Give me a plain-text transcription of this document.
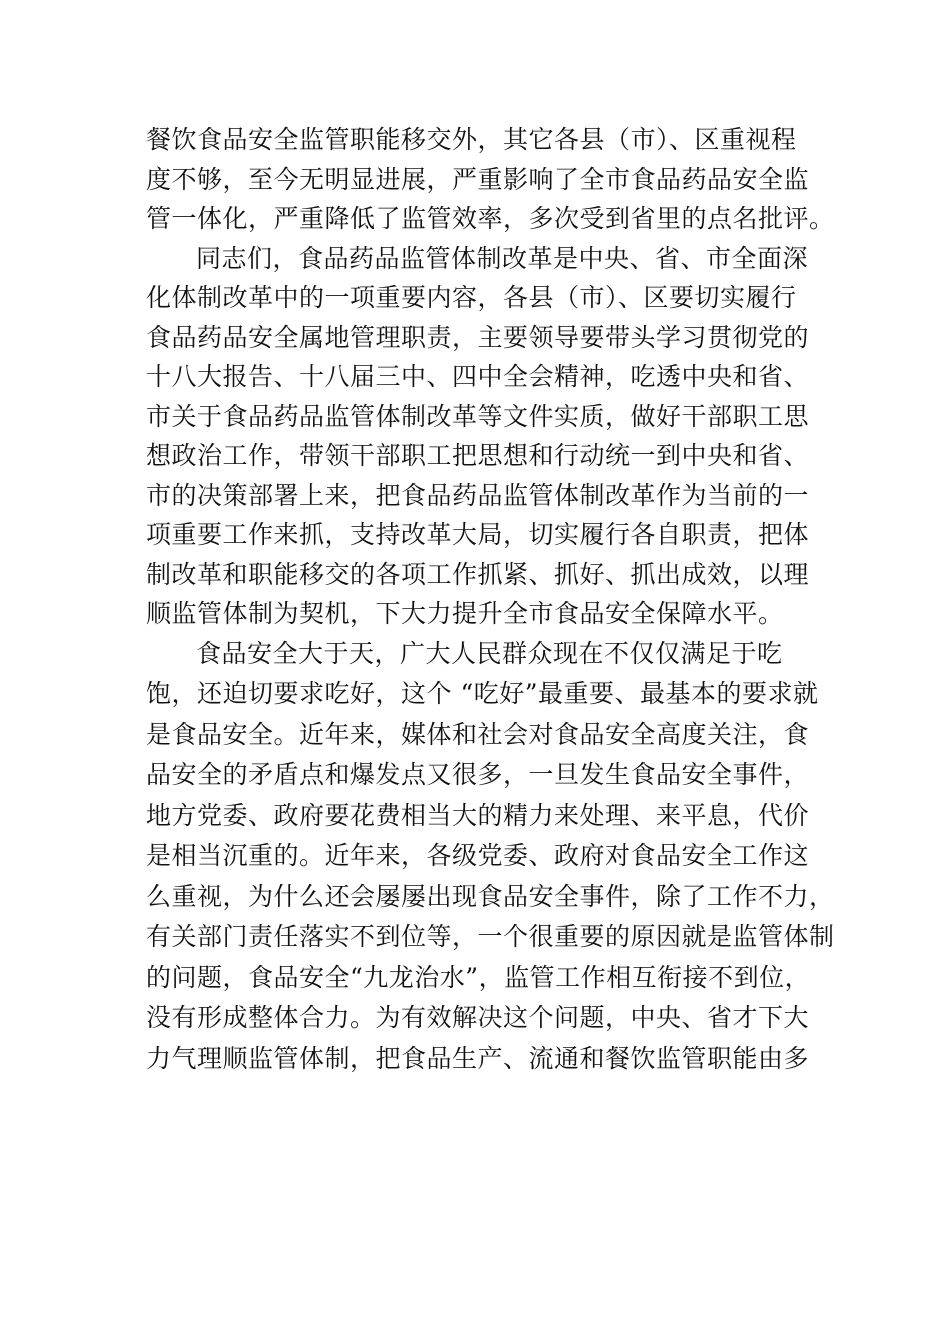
餐饮食品安全监管职能移交外，其它各县（市）、区重视程
度不够，至今无明显进展，严重影响了全市食品药品安全监
管一体化，严重降低了监管效率，多次受到省里的点名批评。
同志们，食品药品监管体制改革是中央、省、市全面深
化体制改革中的一项重要内容，各县（市）、区要切实履行
食品药品安全属地管理职责，主要领导要带头学习贯彻党的
十八大报告、十八届三中、四中全会精神，吃透中央和省、
市关于食品药品监管体制改革等文件实质，做好干部职工思
想政治工作，带领干部职工把思想和行动统一到中央和省、
市的决策部署上来，把食品药品监管体制改革作为当前的一
项重要工作来抓，支持改革大局，切实履行各自职责，把体
制改革和职能移交的各项工作抓紧、抓好、抓出成效，以理
顺监管体制为契机，下大力提升全市食品安全保障水平。
食品安全大于天，广大人民群众现在不仅仅满足于吃
饱，还迫切要求吃好，这个 “吃好”最重要、最基本的要求就
是食品安全。近年来，媒体和社会对食品安全高度关注，食
品安全的矛盾点和爆发点又很多，一旦发生食品安全事件，
地方党委、政府要花费相当大的精力来处理、来平息，代价
是相当沉重的。近年来，各级党委、政府对食品安全工作这
么重视，为什么还会屡屡出现食品安全事件，除了工作不力，
有关部门责任落实不到位等，一个很重要的原因就是监管体制
的问题，食品安全“九龙治水”，监管工作相互衔接不到位，
没有形成整体合力。为有效解决这个问题，中央、省才下大
力气理顺监管体制，把食品生产、流通和餐饮监管职能由多
